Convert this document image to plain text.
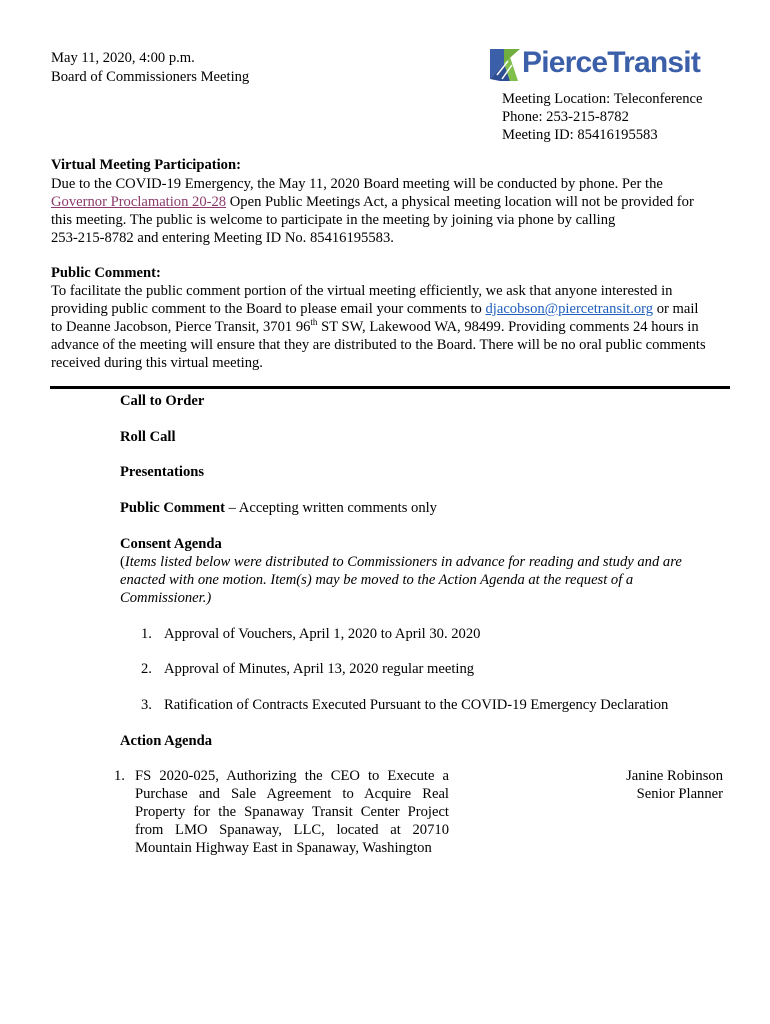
May 11, 2020, 4:00 p.m.
Board of Commissioners Meeting	PierceTransit
Meeting Location: Teleconference
Phone: 253-215-8782
Meeting ID: 85416195583
Virtual Meeting Participation:

Due to the COVID-19 Emergency, the May 11, 2020 Board meeting will be conducted by phone. Per the

Governor Proclamation 20-28 Open Public Meetings Act, a physical meeting location will not be provided for

this meeting. The public is welcome to participate in the meeting by joining via phone by calling

253-215-8782 and entering Meeting ID No. 85416195583.

Public Comment:

To facilitate the public comment portion of the virtual meeting efficiently, we ask that anyone interested in

providing public comment to the Board to please email your comments to djacobson@piercetransit.org or mail

to Deanne Jacobson, Pierce Transit, 3701 96th ST SW, Lakewood WA, 98499. Providing comments 24 hours in

advance of the meeting will ensure that they are distributed to the Board. There will be no oral public comments

received during this virtual meeting.

Call to Order
Roll Call
Presentations
Public Comment – Accepting written comments only
Consent Agenda

(Items listed below were distributed to Commissioners in advance for reading and study and are

enacted with one motion. Item(s) may be moved to the Action Agenda at the request of a

Commissioner.)

1. Approval of Vouchers, April 1, 2020 to April 30. 2020
2. Approval of Minutes, April 13, 2020 regular meeting
3. Ratification of Contracts Executed Pursuant to the COVID-19 Emergency Declaration
Action Agenda
1. FS 2020-025, Authorizing the CEO to Execute a

Purchase and Sale Agreement to Acquire Real

Property for the Spanaway Transit Center Project

from LMO Spanaway, LLC, located at 20710

Mountain Highway East in Spanaway, Washington

Janine Robinson

Senior Planner
